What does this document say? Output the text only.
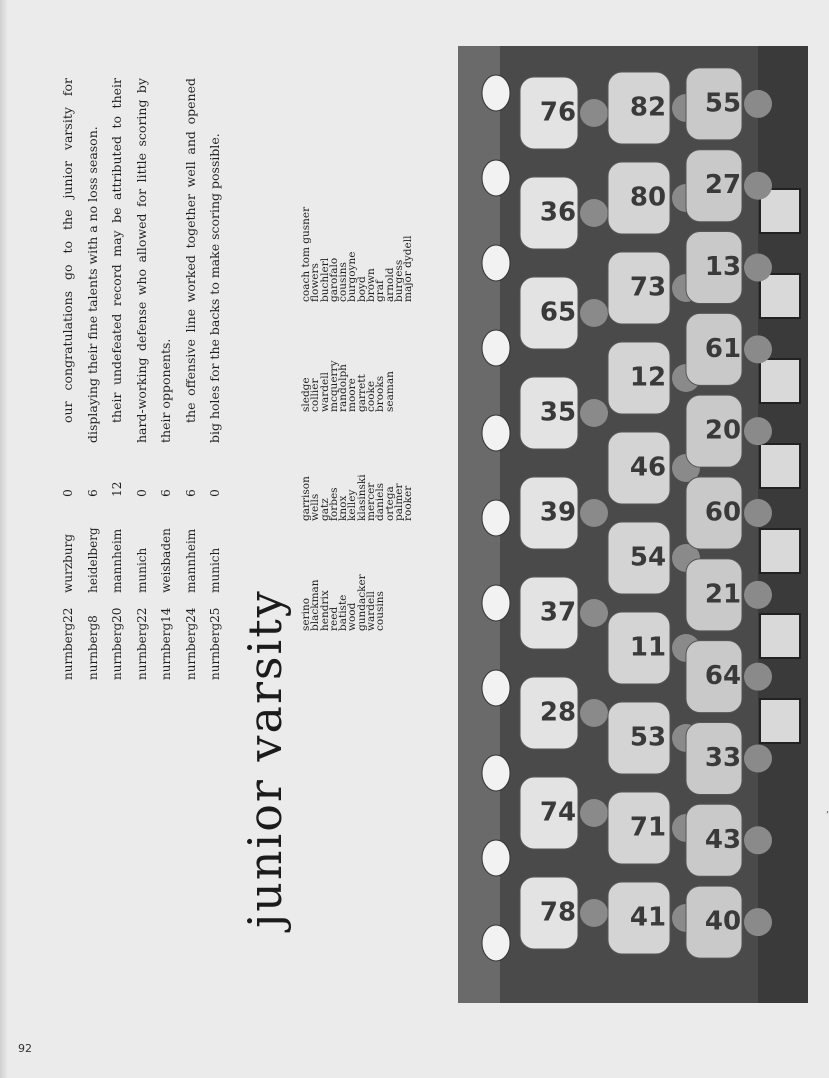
78
74
28
37
39
35
65
36
76
41
71
53
11
54
46
12
73
80
82
40
43
33
64
21
60
20
61
13
27
55
junior varsity
nurnberg	22	wurzburg	0
nurnberg	8	heidelberg	6
nurnberg	20	mannheim	12
nurnberg	22	munich	0
nurnberg	14	weisbaden	6
nurnberg	24	mannheim	6
nurnberg	25	munich	0

our congratulations go to the junior varsity for displaying their fine talents with a no loss season. their undefeated record may be attributed to their hard-working defense who allowed for little scoring by their opponents. the offensive line worked together well and opened big holes for the backs to make scoring possible.	coach tom gusner
flowers
buchlerl
garofalo
cousins
burgoyne
boyd
brown
graf
arnold
burgess
major dydell
sledge
collier
wardell
mcquerry
randolph
moore
garrett
cooke
brooks
seaman
garrison
wells
gatz
forbes
knox
kelley
klasinski
mercer
daniels
ortega
palmer
rooker
serino
blackman
hendrix
reed
batiste
wood
gundacker
wardell
cousins
92
,
